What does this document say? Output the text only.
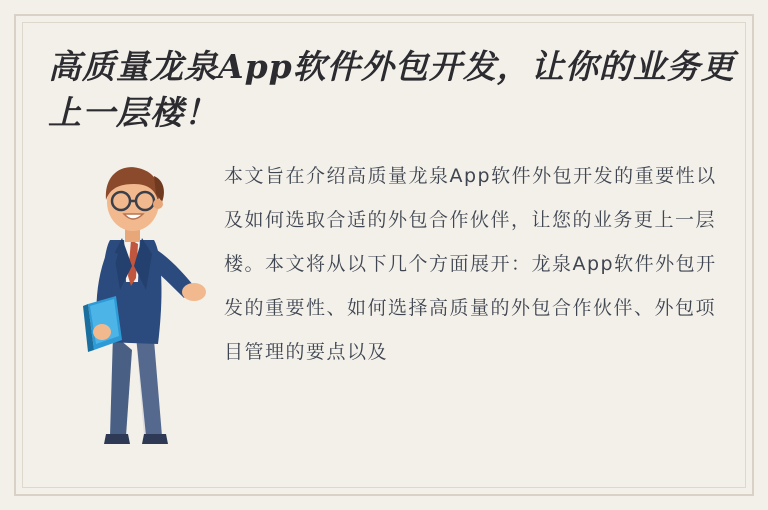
高质量龙泉App软件外包开发，让你的业务更上一层楼！
本文旨在介绍高质量龙泉App软件外包开发的重要性以及如何选取合适的外包合作伙伴，让您的业务更上一层楼。本文将从以下几个方面展开：龙泉App软件外包开发的重要性、如何选择高质量的外包合作伙伴、外包项目管理的要点以及
